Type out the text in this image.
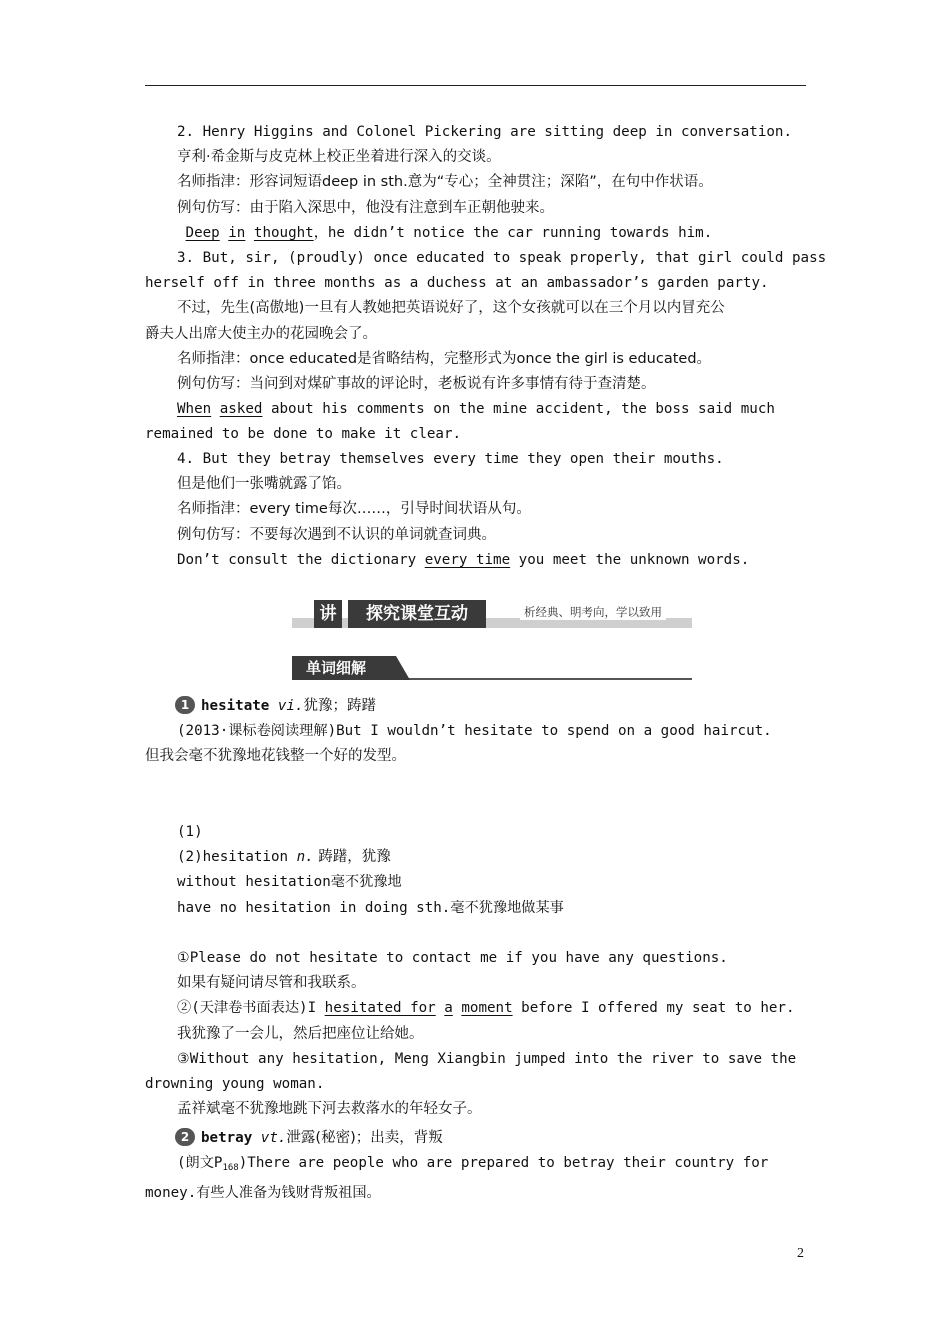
2. Henry Higgins and Colonel Pickering are sitting deep in conversation.
亨利·希金斯与皮克林上校正坐着进行深入的交谈。
名师指津：形容词短语deep in sth.意为“专心；全神贯注；深陷”，在句中作状语。
例句仿写：由于陷入深思中，他没有注意到车正朝他驶来。
Deep in thought，he didn’t notice the car running towards him.
3. But, sir, (proudly) once educated to speak properly, that girl could pass
herself off in three months as a duchess at an ambassador’s garden party.
不过，先生(高傲地)一旦有人教她把英语说好了，这个女孩就可以在三个月以内冒充公
爵夫人出席大使主办的花园晚会了。
名师指津：once educated是省略结构，完整形式为once the girl is educated。
例句仿写：当问到对煤矿事故的评论时，老板说有许多事情有待于查清楚。
When asked about his comments on the mine accident, the boss said much
remained to be done to make it clear.
4. But they betray themselves every time they open their mouths.
但是他们一张嘴就露了馅。
名师指津：every time每次……，引导时间状语从句。
例句仿写：不要每次遇到不认识的单词就查词典。
Don’t consult the dictionary every time you meet the unknown words.
讲	探究课堂互动	析经典、明考向，学以致用
单词细解
1 hesitate vi.犹豫；踌躇
(2013·课标卷阅读理解)But I wouldn’t hesitate to spend on a good haircut.
但我会毫不犹豫地花钱整一个好的发型。
(1)
(2)hesitation n. 踌躇，犹豫
without hesitation毫不犹豫地
have no hesitation in doing sth.毫不犹豫地做某事
①Please do not hesitate to contact me if you have any questions.
如果有疑问请尽管和我联系。
②(天津卷书面表达)I hesitated for a moment before I offered my seat to her.
我犹豫了一会儿，然后把座位让给她。
③Without any hesitation, Meng Xiangbin jumped into the river to save the
drowning young woman.
孟祥斌毫不犹豫地跳下河去救落水的年轻女子。
2 betray vt.泄露(秘密)；出卖，背叛
(朗文$P_{168})There$ are people who are prepared to betray their country for
money.有些人准备为钱财背叛祖国。
2
